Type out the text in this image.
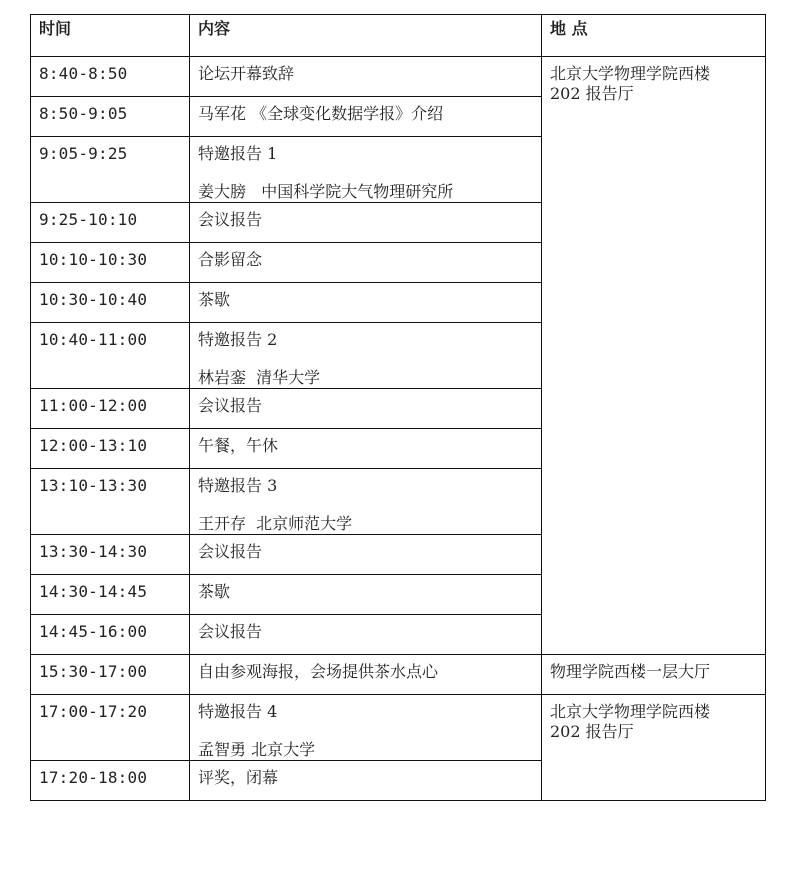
时间	内容	地 点
8:40-8:50	论坛开幕致辞	北京大学物理学院西楼
202 报告厅

8:50-9:05	马军花 《全球变化数据学报》介绍	

9:05-9:25	特邀报告 1
姜大膀   中国科学院大气物理研究所	

9:25-10:10	会议报告	

10:10-10:30	合影留念	

10:30-10:40	茶歇	

10:40-11:00	特邀报告 2
林岩銮  清华大学	

11:00-12:00	会议报告	

12:00-13:10	午餐，午休	

13:10-13:30	特邀报告 3
王开存  北京师范大学	

13:30-14:30	会议报告	

14:30-14:45	茶歇	

14:45-16:00	会议报告	

15:30-17:00	自由参观海报，会场提供茶水点心	物理学院西楼一层大厅

17:00-17:20	特邀报告 4
孟智勇 北京大学	北京大学物理学院西楼
202 报告厅

17:20-18:00	评奖，闭幕	
